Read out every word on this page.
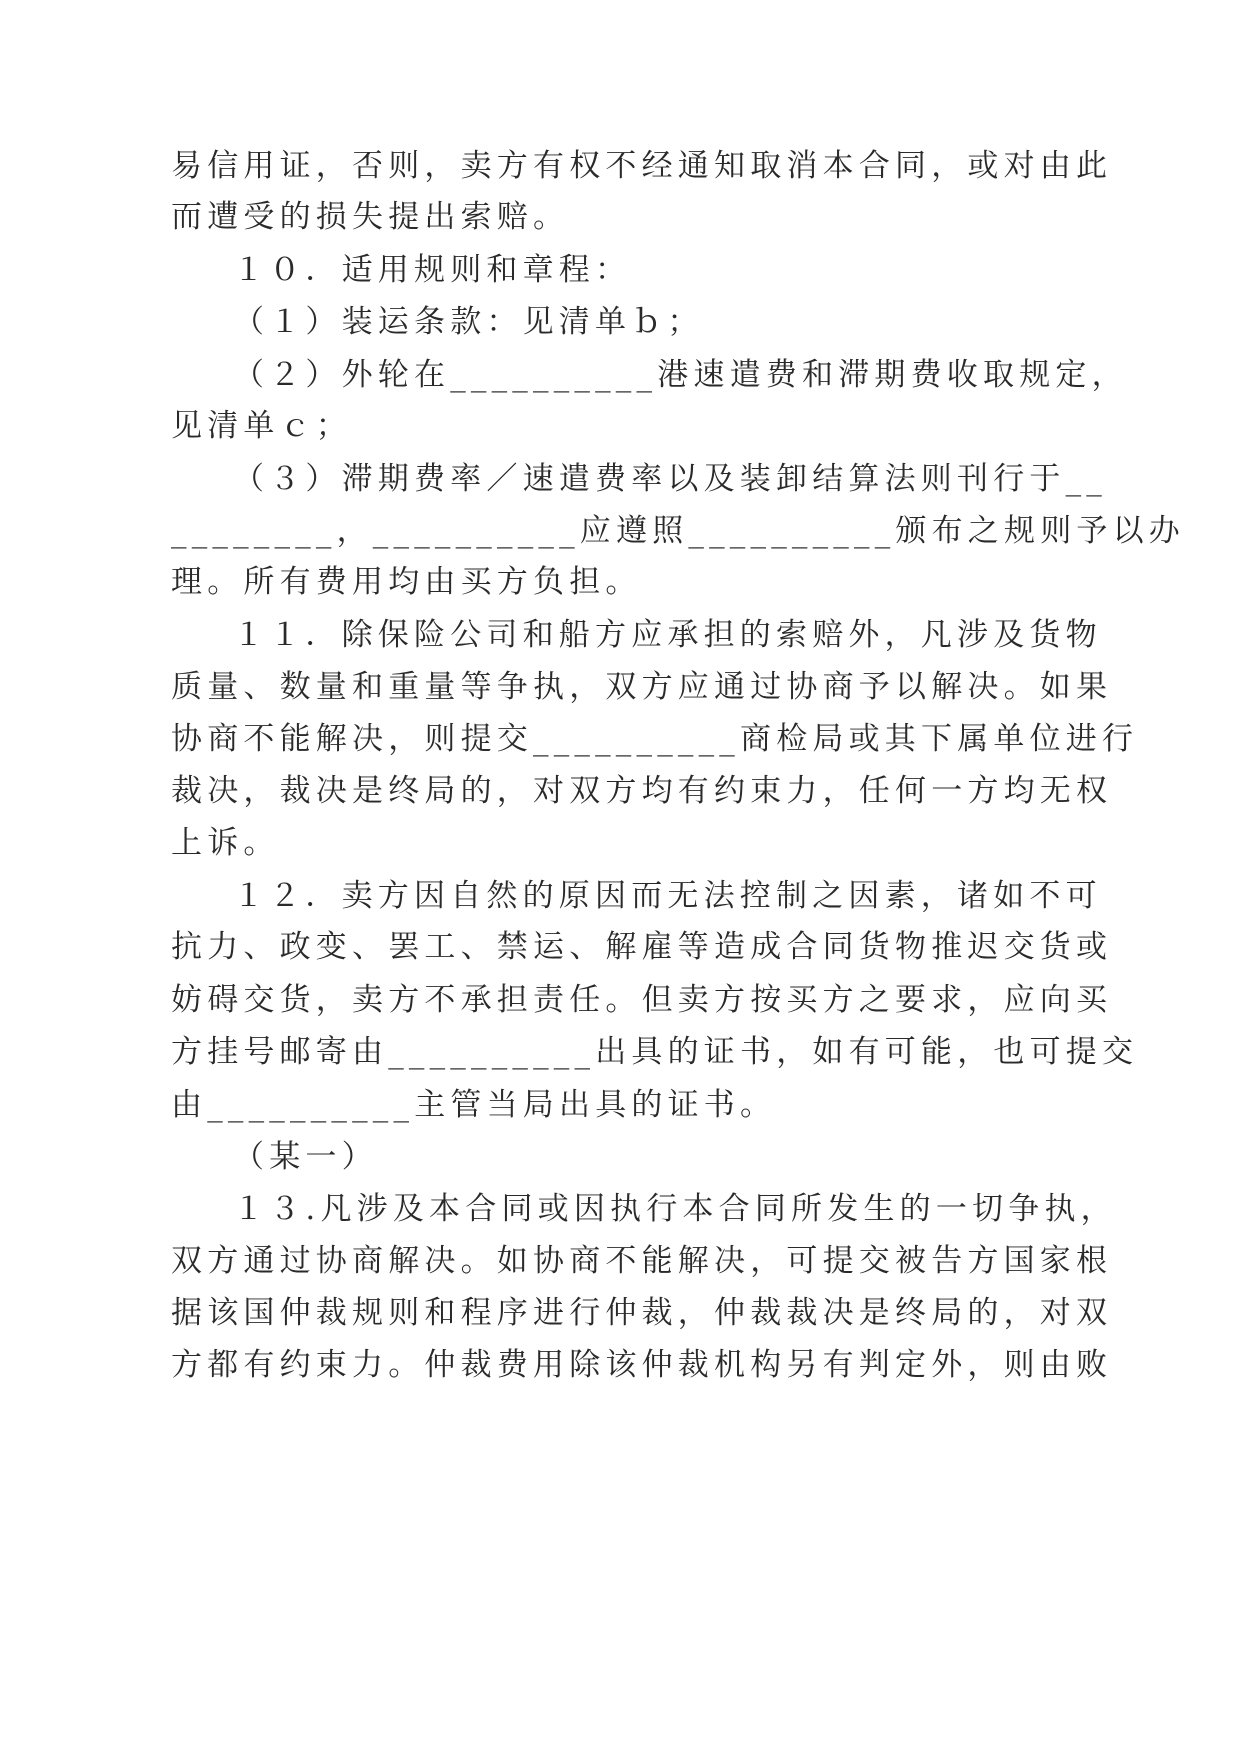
易信用证，否则，卖方有权不经通知取消本合同，或对由此
而遭受的损失提出索赔。
１０．适用规则和章程：
（１）装运条款：见清单ｂ；
（２）外轮在__________港速遣费和滞期费收取规定，
见清单ｃ；
（３）滞期费率／速遣费率以及装卸结算法则刊行于__
________，__________应遵照__________颁布之规则予以办
理。所有费用均由买方负担。
１１．除保险公司和船方应承担的索赔外，凡涉及货物
质量、数量和重量等争执，双方应通过协商予以解决。如果
协商不能解决，则提交__________商检局或其下属单位进行
裁决，裁决是终局的，对双方均有约束力，任何一方均无权
上诉。
１２．卖方因自然的原因而无法控制之因素，诸如不可
抗力、政变、罢工、禁运、解雇等造成合同货物推迟交货或
妨碍交货，卖方不承担责任。但卖方按买方之要求，应向买
方挂号邮寄由__________出具的证书，如有可能，也可提交
由__________主管当局出具的证书。
（某一）
１３.凡涉及本合同或因执行本合同所发生的一切争执，
双方通过协商解决。如协商不能解决，可提交被告方国家根
据该国仲裁规则和程序进行仲裁，仲裁裁决是终局的，对双
方都有约束力。仲裁费用除该仲裁机构另有判定外，则由败
